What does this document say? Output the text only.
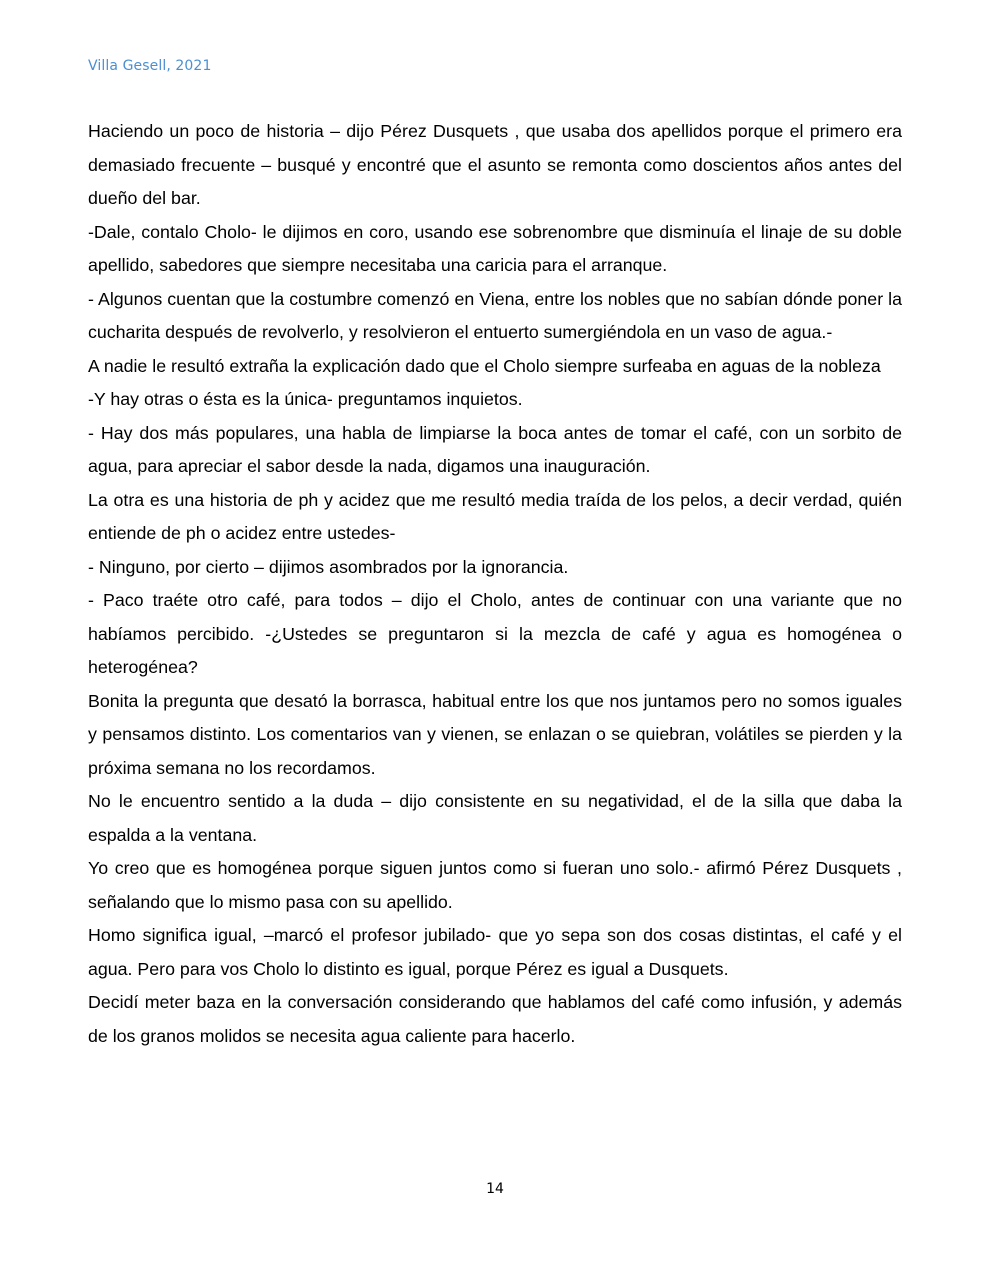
Villa Gesell, 2021

Haciendo un poco de historia – dijo Pérez Dusquets , que usaba dos apellidos porque el primero era demasiado frecuente – busqué y encontré que el asunto se remonta como doscientos años antes del dueño del bar.

-Dale, contalo Cholo- le dijimos en coro, usando ese sobrenombre que disminuía el linaje de su doble apellido, sabedores que siempre necesitaba una caricia para el arranque.

- Algunos cuentan que la costumbre comenzó en Viena, entre los nobles que no sabían dónde poner la cucharita después de revolverlo, y resolvieron el entuerto sumergiéndola en un vaso de agua.-

A nadie le resultó extraña la explicación dado que el Cholo siempre surfeaba en aguas de la nobleza

-Y hay otras o ésta es la única- preguntamos inquietos.

- Hay dos más populares, una habla de limpiarse la boca antes de tomar el café, con un sorbito de agua, para apreciar el sabor desde la nada, digamos una inauguración.

La otra es una historia de ph y acidez que me resultó media traída de los pelos, a decir verdad, quién entiende de ph o acidez entre ustedes-

- Ninguno, por cierto – dijimos asombrados por la ignorancia.

- Paco traéte otro café, para todos – dijo el Cholo, antes de continuar con una variante que no habíamos percibido. -¿Ustedes se preguntaron si la mezcla de café y agua es homogénea o heterogénea?

Bonita la pregunta que desató la borrasca, habitual entre los que nos juntamos pero no somos iguales y pensamos distinto. Los comentarios van y vienen, se enlazan o se quiebran, volátiles se pierden y la próxima semana no los recordamos.

No le encuentro sentido a la duda – dijo consistente en su negatividad, el de la silla que daba la espalda a la ventana.

Yo creo que es homogénea porque siguen juntos como si fueran uno solo.- afirmó Pérez Dusquets , señalando que lo mismo pasa con su apellido.

Homo significa igual, –marcó el profesor jubilado- que yo sepa son dos cosas distintas, el café y el agua. Pero para vos Cholo lo distinto es igual, porque Pérez es igual a Dusquets.

Decidí meter baza en la conversación considerando que hablamos del café como infusión, y además de los granos molidos se necesita agua caliente para hacerlo.

14
